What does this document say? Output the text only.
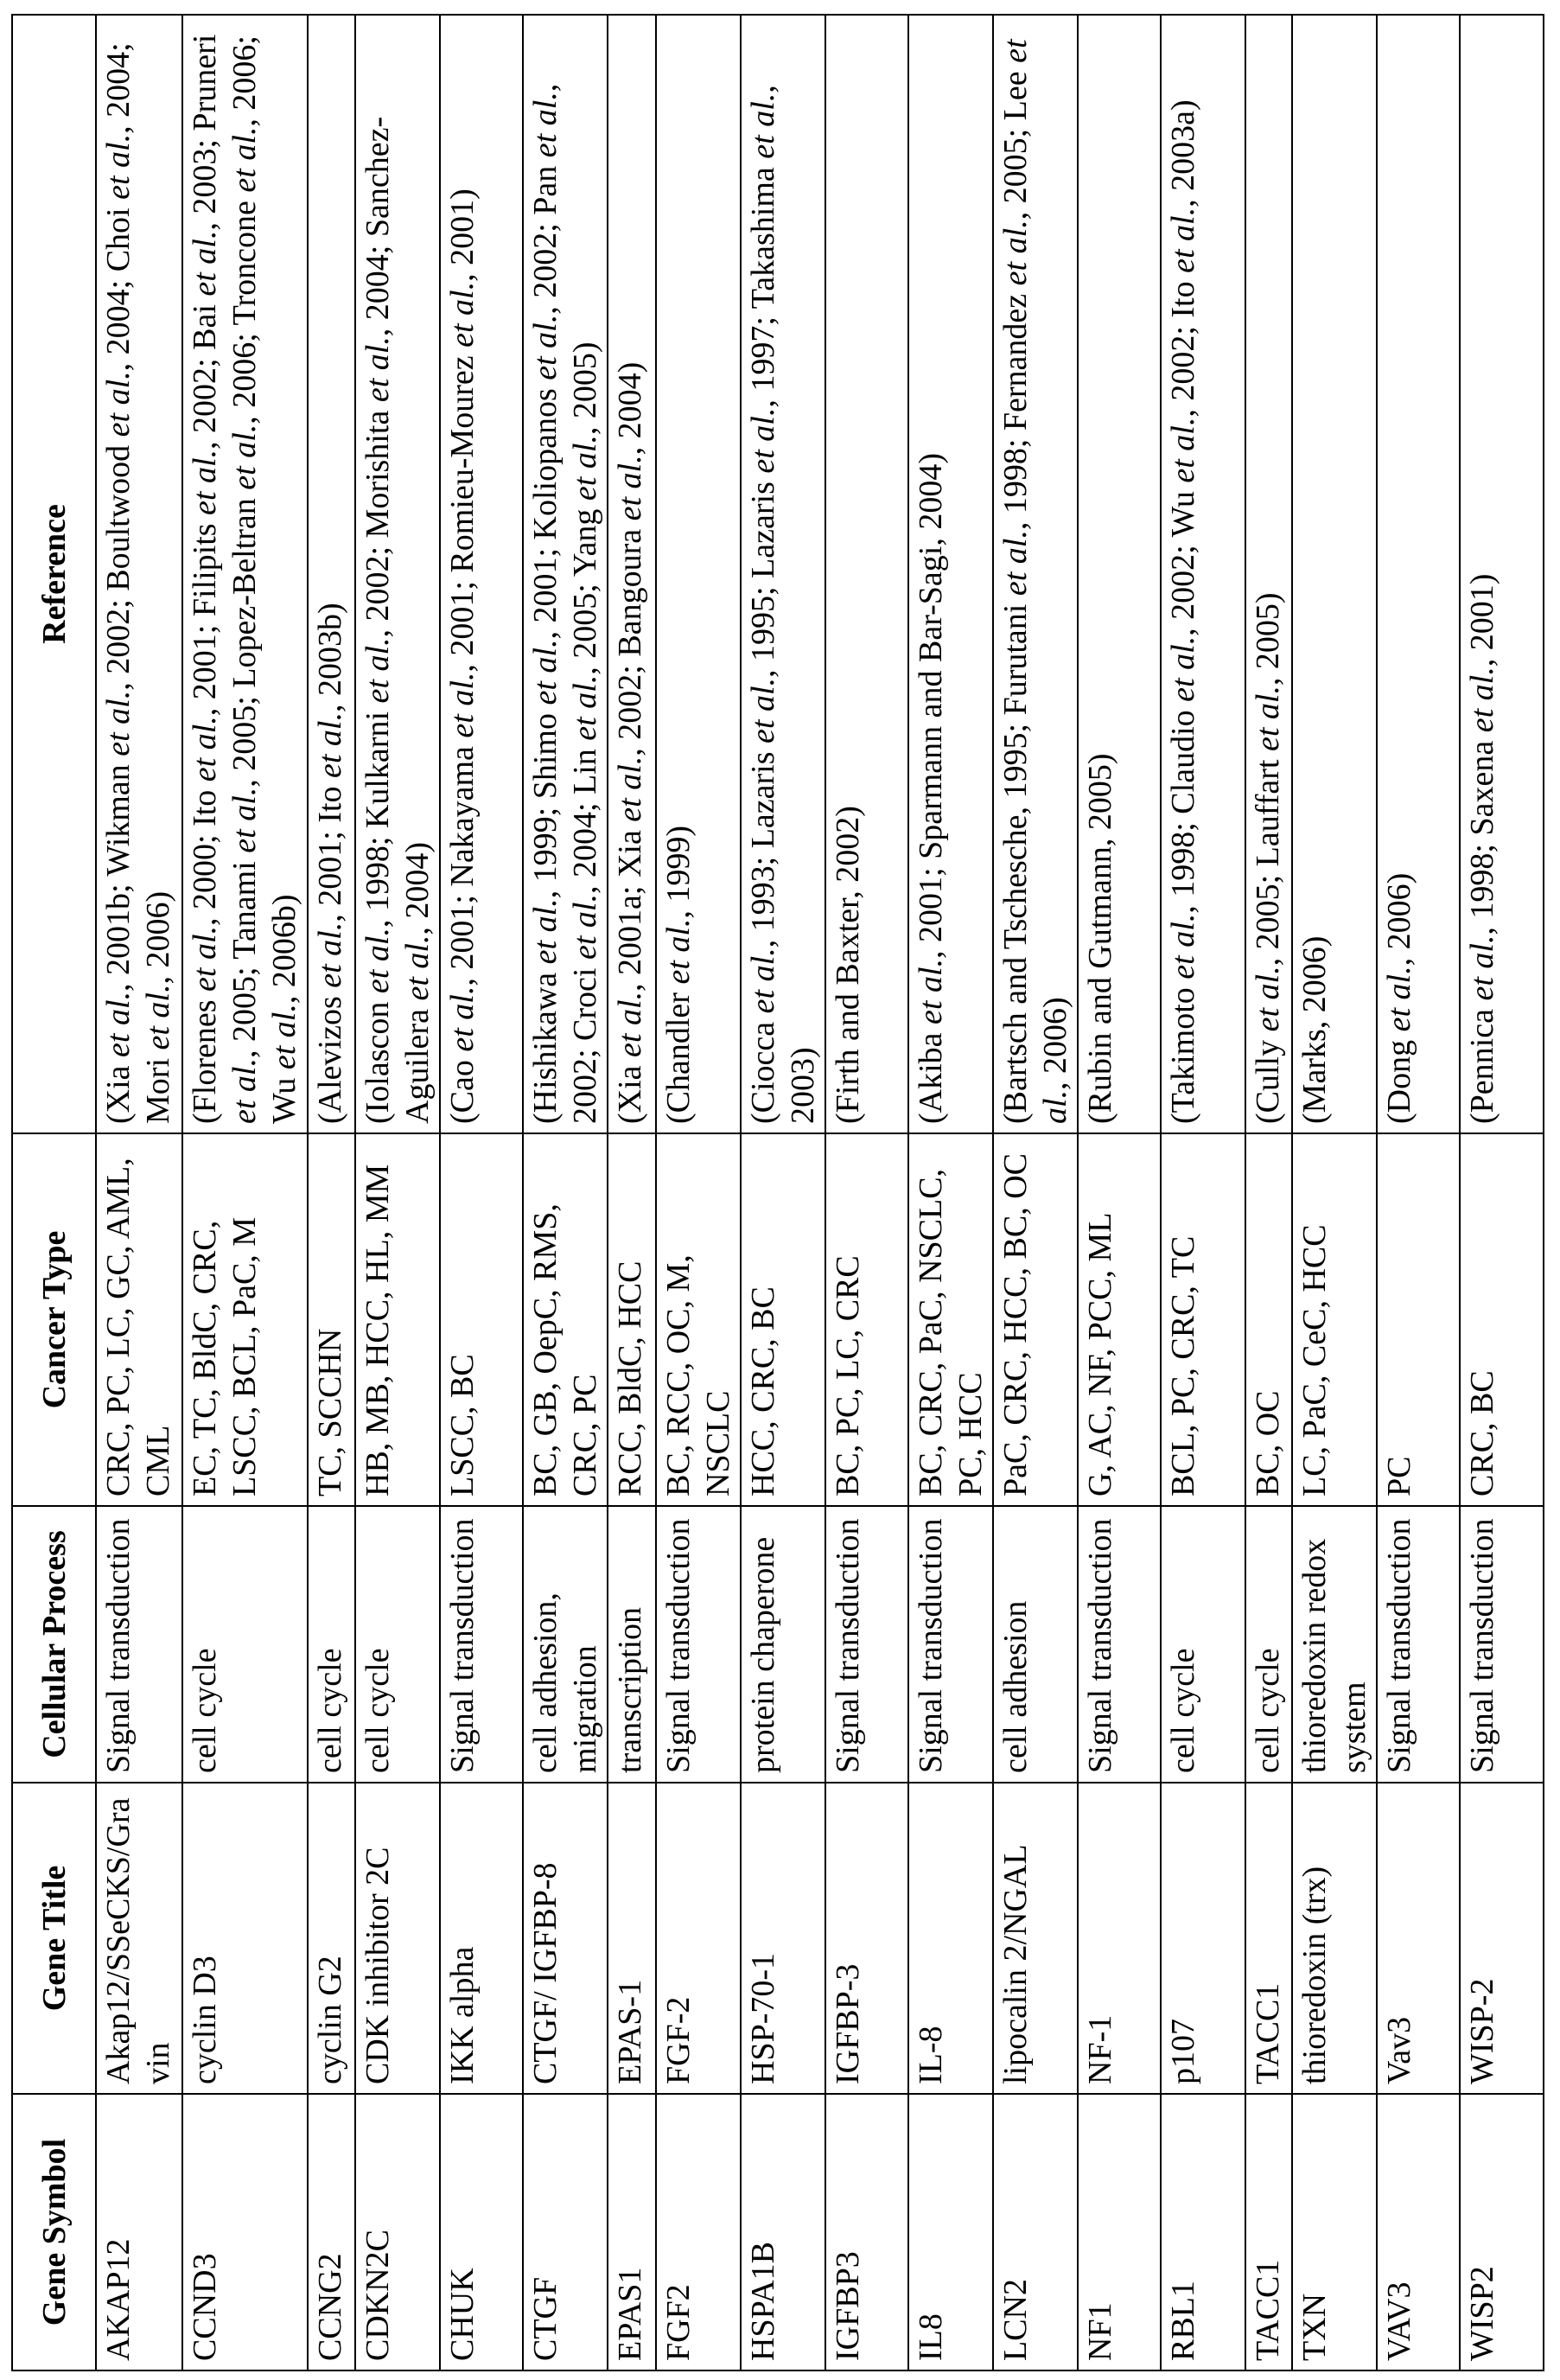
Gene Symbol	Gene Title	Cellular Process	Cancer Type	Reference
AKAP12	Akap12/SSeCKS/Gravin	Signal transduction	CRC, PC, LC, GC, AML, CML	(Xia et al., 2001b; Wikman et al., 2002; Boultwood et al., 2004; Choi et al., 2004; Mori et al., 2006)
CCND3	cyclin D3	cell cycle	EC, TC, BldC, CRC, LSCC, BCL, PaC, M	(Florenes et al., 2000; Ito et al., 2001; Filipits et al., 2002; Bai et al., 2003; Pruneri et al., 2005; Tanami et al., 2005; Lopez-Beltran et al., 2006; Troncone et al., 2006; Wu et al., 2006b)
CCNG2	cyclin G2	cell cycle	TC, SCCHN	(Alevizos et al., 2001; Ito et al., 2003b)
CDKN2C	CDK inhibitor 2C	cell cycle	HB, MB, HCC, HL, MM	(Iolascon et al., 1998; Kulkarni et al., 2002; Morishita et al., 2004; Sanchez-Aguilera et al., 2004)
CHUK	IKK alpha	Signal transduction	LSCC, BC	(Cao et al., 2001; Nakayama et al., 2001; Romieu-Mourez et al., 2001)
CTGF	CTGF/ IGFBP-8	cell adhesion, migration	BC, GB, OepC, RMS, CRC, PC	(Hishikawa et al., 1999; Shimo et al., 2001; Koliopanos et al., 2002; Pan et al., 2002; Croci et al., 2004; Lin et al., 2005; Yang et al., 2005)
EPAS1	EPAS-1	transcription	RCC, BldC, HCC	(Xia et al., 2001a; Xia et al., 2002; Bangoura et al., 2004)
FGF2	FGF-2	Signal transduction	BC, RCC, OC, M, NSCLC	(Chandler et al., 1999)
HSPA1B	HSP-70-1	protein chaperone	HCC, CRC, BC	(Ciocca et al., 1993; Lazaris et al., 1995; Lazaris et al., 1997; Takashima et al., 2003)
IGFBP3	IGFBP-3	Signal transduction	BC, PC, LC, CRC	(Firth and Baxter, 2002)
IL8	IL-8	Signal transduction	BC, CRC, PaC, NSCLC, PC, HCC	(Akiba et al., 2001; Sparmann and Bar-Sagi, 2004)
LCN2	lipocalin 2/NGAL	cell adhesion	PaC, CRC, HCC, BC, OC	(Bartsch and Tschesche, 1995; Furutani et al., 1998; Fernandez et al., 2005; Lee et al., 2006)
NF1	NF-1	Signal transduction	G, AC, NF, PCC, ML	(Rubin and Gutmann, 2005)
RBL1	p107	cell cycle	BCL, PC, CRC, TC	(Takimoto et al., 1998; Claudio et al., 2002; Wu et al., 2002; Ito et al., 2003a)
TACC1	TACC1	cell cycle	BC, OC	(Cully et al., 2005; Lauffart et al., 2005)
TXN	thioredoxin (trx)	thioredoxin redox system	LC, PaC, CeC, HCC	(Marks, 2006)
VAV3	Vav3	Signal transduction	PC	(Dong et al., 2006)
WISP2	WISP-2	Signal transduction	CRC, BC	(Pennica et al., 1998; Saxena et al., 2001)
